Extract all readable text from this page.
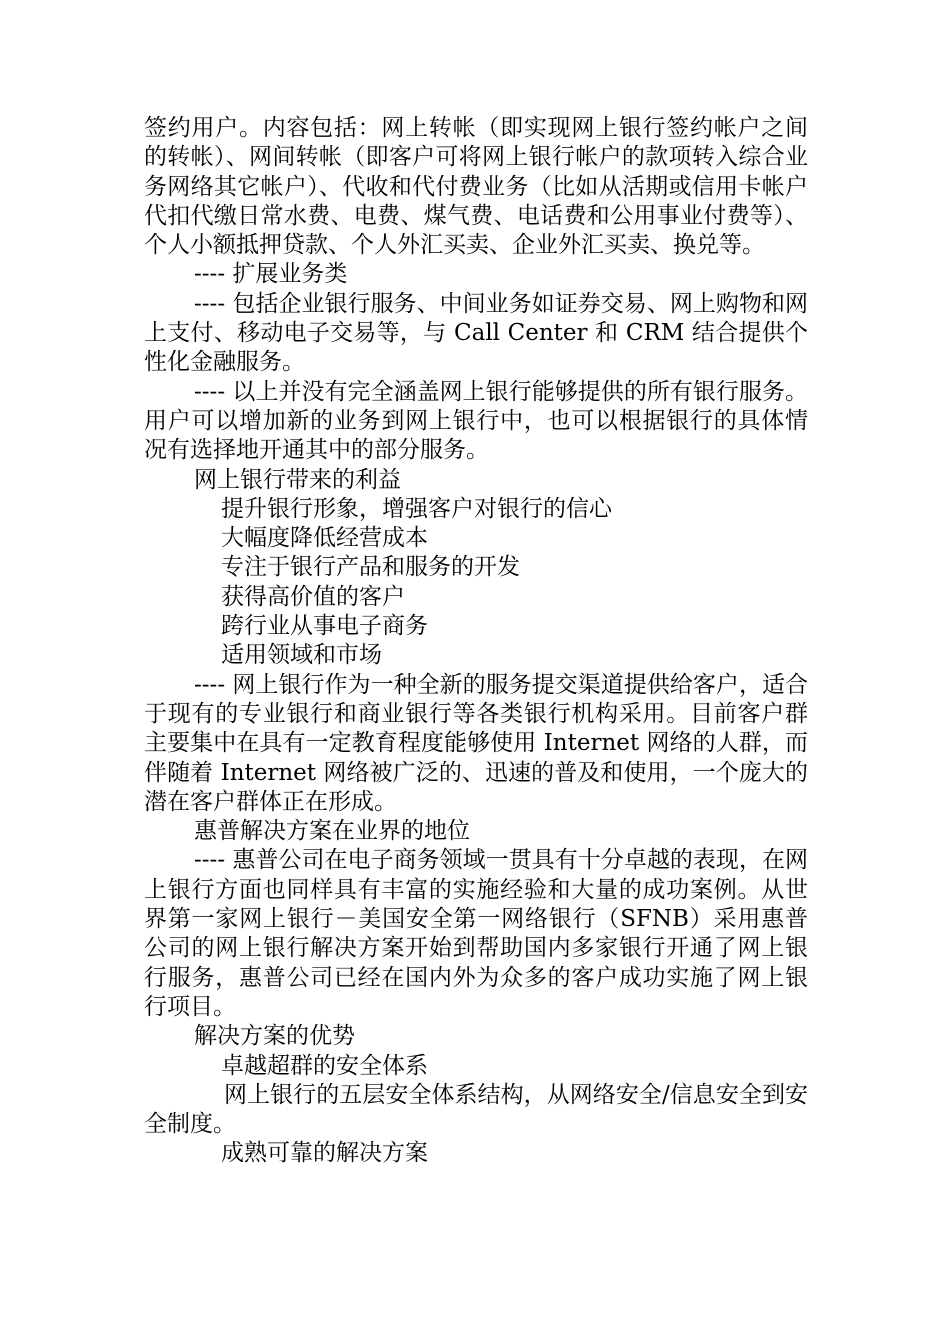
签约用户。内容包括：网上转帐（即实现网上银行签约帐户之间的转帐）、网间转帐（即客户可将网上银行帐户的款项转入综合业务网络其它帐户）、代收和代付费业务（比如从活期或信用卡帐户代扣代缴日常水费、电费、煤气费、电话费和公用事业付费等）、个人小额抵押贷款、个人外汇买卖、企业外汇买卖、换兑等。

---- 扩展业务类

---- 包括企业银行服务、中间业务如证券交易、网上购物和网上支付、移动电子交易等，与 Call Center 和 CRM 结合提供个性化金融服务。

---- 以上并没有完全涵盖网上银行能够提供的所有银行服务。用户可以增加新的业务到网上银行中，也可以根据银行的具体情况有选择地开通其中的部分服务。

网上银行带来的利益

提升银行形象，增强客户对银行的信心

大幅度降低经营成本

专注于银行产品和服务的开发

获得高价值的客户

跨行业从事电子商务

适用领域和市场

---- 网上银行作为一种全新的服务提交渠道提供给客户，适合于现有的专业银行和商业银行等各类银行机构采用。目前客户群主要集中在具有一定教育程度能够使用 Internet 网络的人群，而伴随着 Internet 网络被广泛的、迅速的普及和使用，一个庞大的潜在客户群体正在形成。

惠普解决方案在业界的地位

---- 惠普公司在电子商务领域一贯具有十分卓越的表现，在网上银行方面也同样具有丰富的实施经验和大量的成功案例。从世界第一家网上银行－美国安全第一网络银行（SFNB）采用惠普公司的网上银行解决方案开始到帮助国内多家银行开通了网上银行服务，惠普公司已经在国内外为众多的客户成功实施了网上银行项目。

解决方案的优势

卓越超群的安全体系

网上银行的五层安全体系结构，从网络安全/信息安全到安全制度。

成熟可靠的解决方案
